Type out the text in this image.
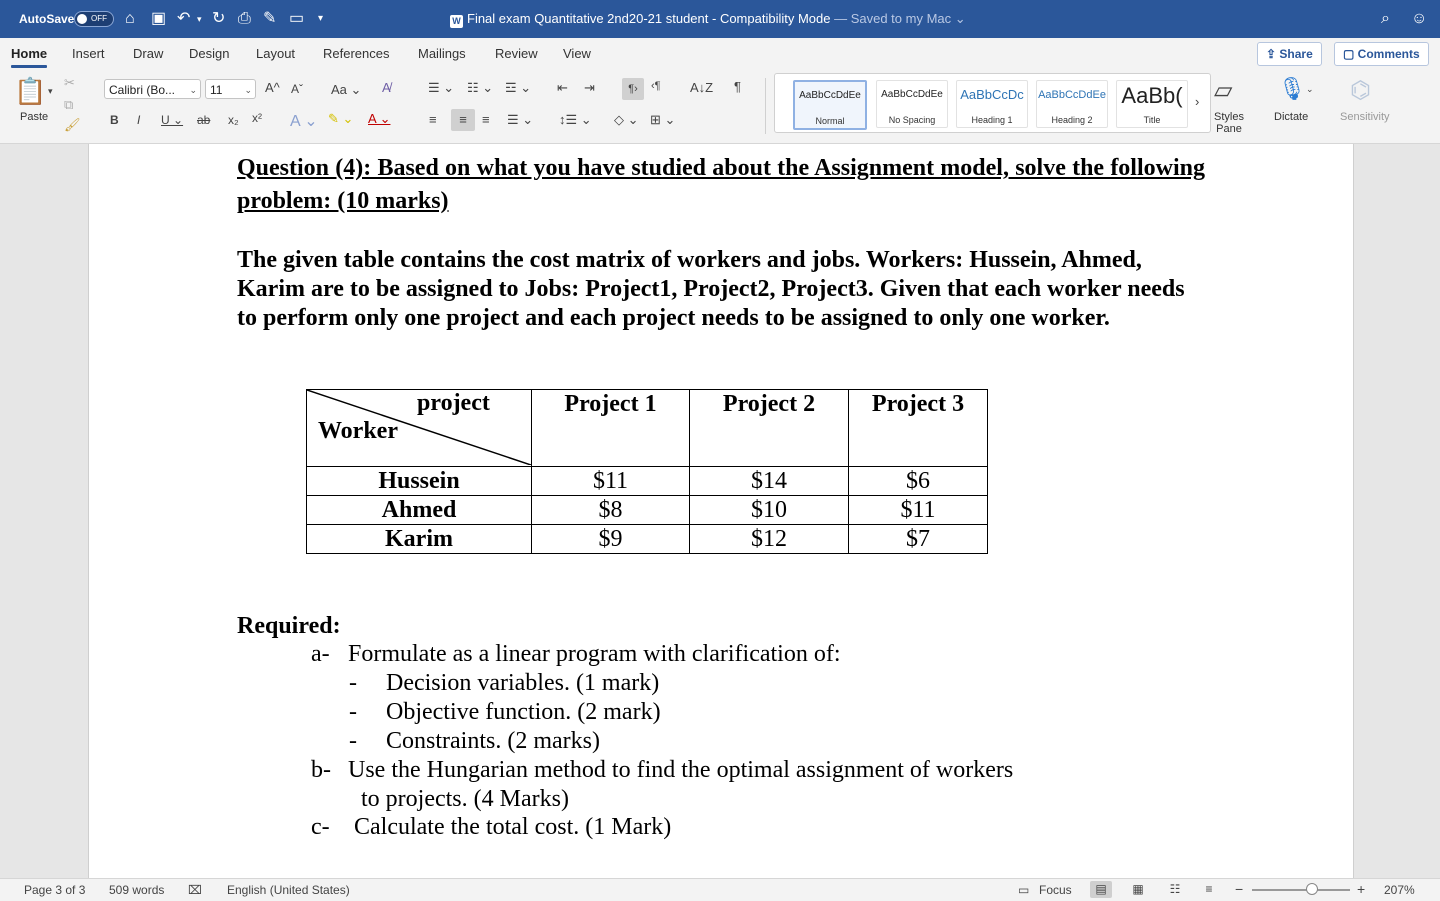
AutoSave OFF ⌂ ▣ ↶ ▾ ↻ ⎙ ✎ ▭ ▾	W Final exam Quantitative 2nd20-21 student - Compatibility Mode — Saved to my Mac ⌄	⌕ ☺
Home Insert Draw Design Layout References Mailings Review View	⇪ Share	▢ Comments
📋 ▾
Paste
✂
⧉
🖌
Calibri (Bo... ⌄	11 ⌄ A^ Aˇ Aa ⌄ A̸
B I U ⌄ ab x₂ x² A ⌄ ✎ ⌄ A ⌄
☰ ⌄ ☷ ⌄ ☲ ⌄ ⇤ ⇥	¶›	‹¶ A↓Z ¶
≡	≡	≡ ☰ ⌄ ↕☰ ⌄ ◇ ⌄ ⊞ ⌄
AaBbCcDdEe
Normal
AaBbCcDdEe
No Spacing
AaBbCcDc
Heading 1
AaBbCcDdEe
Heading 2
AaBb(
Title
› ▱
Styles Pane
🎙 ⌄
Dictate
⌬
Sensitivity
Question (4): Based on what you have studied about the Assignment model, solve the following problem: (10 marks)
The given table contains the cost matrix of workers and jobs. Workers: Hussein, Ahmed, Karim are to be assigned to Jobs: Project1, Project2, Project3. Given that each worker needs to perform only one project and each project needs to be assigned to only one worker.
project
Worker	Project 1	Project 2	Project 3
Hussein	$11	$14	$6
Ahmed	$8	$10	$11
Karim	$9	$12	$7
Required:
a- Formulate as a linear program with clarification of:
- Decision variables. (1 mark)
- Objective function. (2 mark)
- Constraints. (2 marks)
b- Use the Hungarian method to find the optimal assignment of workers
to projects. (4 Marks)
c- Calculate the total cost. (1 Mark)
Page 3 of 3 509 words ⌧ English (United States)	▭ Focus	▤	▦	☷	≡	−	+ 207%
